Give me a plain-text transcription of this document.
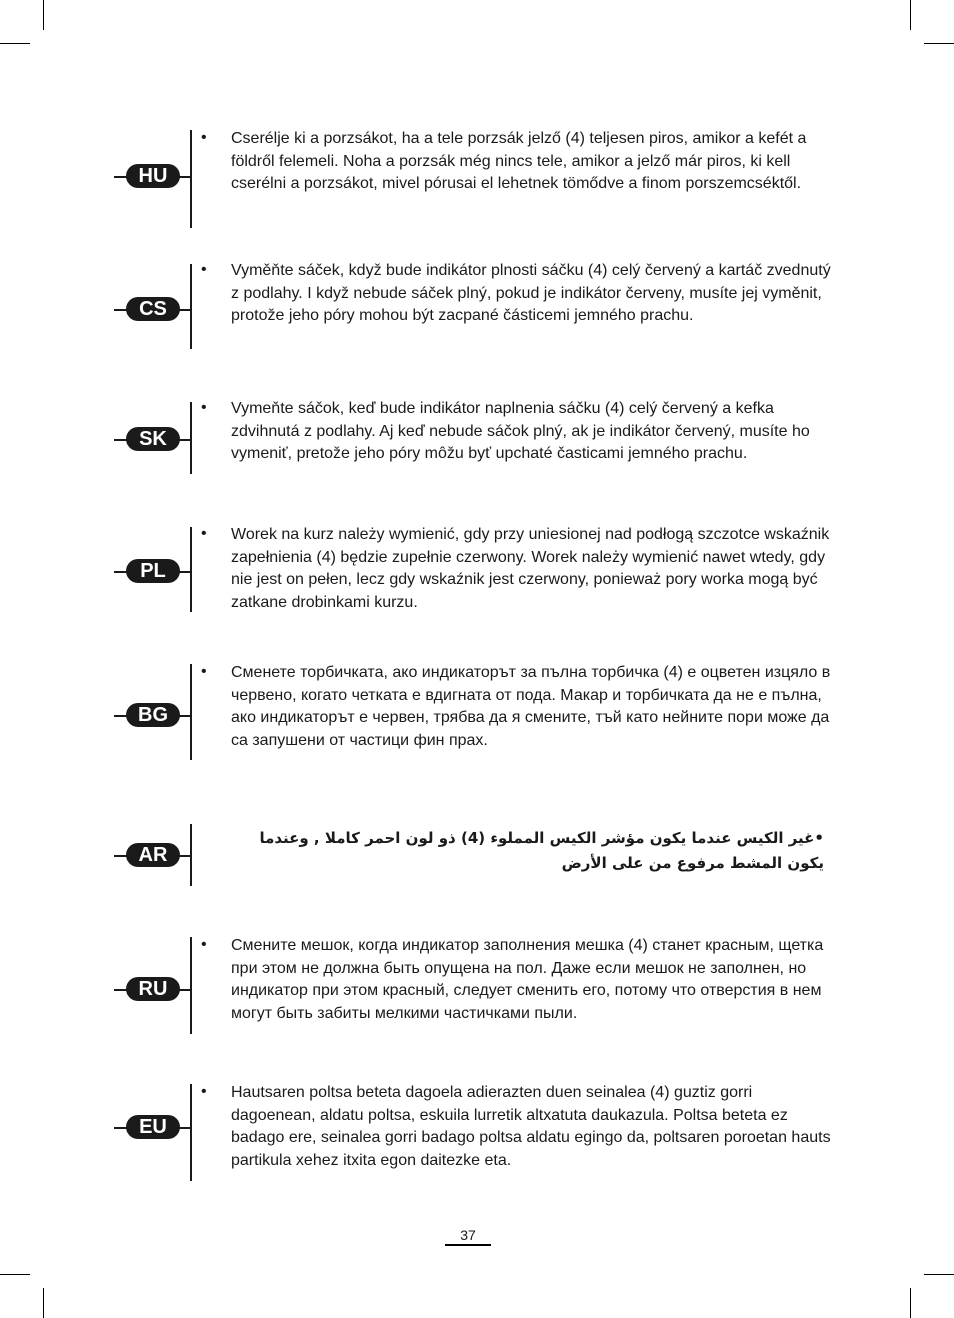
HU
• Cserélje ki a porzsákot, ha a tele porzsák jelző (4) teljesen piros, amikor a kefét a földről felemeli. Noha a porzsák még nincs tele, amikor a jelző már piros, ki kell cserélni a porzsákot, mivel pórusai el lehetnek tömődve a finom porszemcséktől.
CS
• Vyměňte sáček, když bude indikátor plnosti sáčku (4) celý červený a kartáč zvednutý z podlahy. I když nebude sáček plný, pokud je indikátor červeny, musíte jej vyměnit, protože jeho póry mohou být zacpané částicemi jemného prachu.
SK
• Vymeňte sáčok, keď bude indikátor naplnenia sáčku (4) celý červený a kefka zdvihnutá z podlahy. Aj keď nebude sáčok plný, ak je indikátor červený, musíte ho vymeniť, pretože jeho póry môžu byť upchaté časticami jemného prachu.
PL
• Worek na kurz należy wymienić, gdy przy uniesionej nad podłogą szczotce wskaźnik zapełnienia (4) będzie zupełnie czerwony. Worek należy wymienić nawet wtedy, gdy nie jest on pełen, lecz gdy wskaźnik jest czerwony, ponieważ pory worka mogą być zatkane drobinkami kurzu.
BG
• Сменете торбичката, ако индикаторът за пълна торбичка (4) е оцветен изцяло в червено, когато четката е вдигната от пода. Макар и торбичката да не е пълна, ако индикаторът е червен, трябва да я смените, тъй като нейните пори може да са запушени от частици фин прах.
AR
•غير الكيس عندما يكون مؤشر الكيس المملوء (4) ذو لون احمر كاملا , وعندما يكون المشط مرفوع من على الأرض
RU
• Смените мешок, когда индикатор заполнения мешка (4) станет красным, щетка при этом не должна быть опущена на пол. Даже если мешок не заполнен, но индикатор при этом красный, следует сменить его, потому что отверстия в нем могут быть забиты мелкими частичками пыли.
EU
• Hautsaren poltsa beteta dagoela adierazten duen seinalea (4) guztiz gorri dagoenean, aldatu poltsa, eskuila lurretik altxatuta daukazula. Poltsa beteta ez badago ere, seinalea gorri badago poltsa aldatu egingo da, poltsaren poroetan hauts partikula xehez itxita egon daitezke eta.
37
